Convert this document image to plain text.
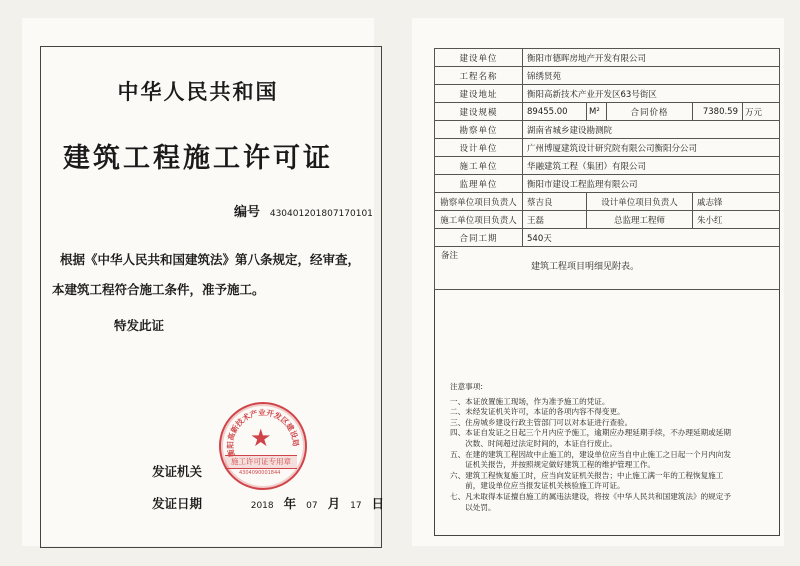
中华人民共和国
建筑工程施工许可证
编号 430401201807170101
根据《中华人民共和国建筑法》第八条规定，经审查，
本建筑工程符合施工条件，准予施工。
特发此证
衡阳高新技术产业开发区建设局
★
施工许可证专用章
4304090001844
发证机关
发证日期	2018 年 07 月 17 日
建设单位	衡阳市德晖房地产开发有限公司				
工程名称	锦绣贤苑				
建设地址	衡阳高新技术产业开发区63号街区				
建设规模	89455.00	M²	合同价格	7380.59	万元
勘察单位	湖南省城乡建设勘测院				
设计单位	广州博厦建筑设计研究院有限公司衡阳分公司				
施工单位	华融建筑工程（集团）有限公司				
监理单位	衡阳市建设工程监理有限公司				
勘察单位项目负责人	蔡吉良	设计单位项目负责人		戚志锋	
施工单位项目负责人	王磊	总监理工程师		朱小红	
合同工期	540天				

备注
建筑工程项目明细见附表。					
注意事项:
一、本证放置施工现场，作为准予施工的凭证。
二、未经发证机关许可，本证的各项内容不得变更。
三、住房城乡建设行政主管部门可以对本证进行查验。
四、本证自发证之日起三个月内应予施工，逾期应办理延期手续，不办理延期或延期
　　次数、时间超过法定时间的，本证自行废止。
五、在建的建筑工程因故中止施工的，建设单位应当自中止施工之日起一个月内向发
　　证机关报告，并按照规定做好建筑工程的维护管理工作。
六、建筑工程恢复施工时，应当向发证机关报告；中止施工满一年的工程恢复施工
　　前，建设单位应当报发证机关核验施工许可证。
七、凡未取得本证擅自施工的属违法建设，将按《中华人民共和国建筑法》的规定予
　　以处罚。
